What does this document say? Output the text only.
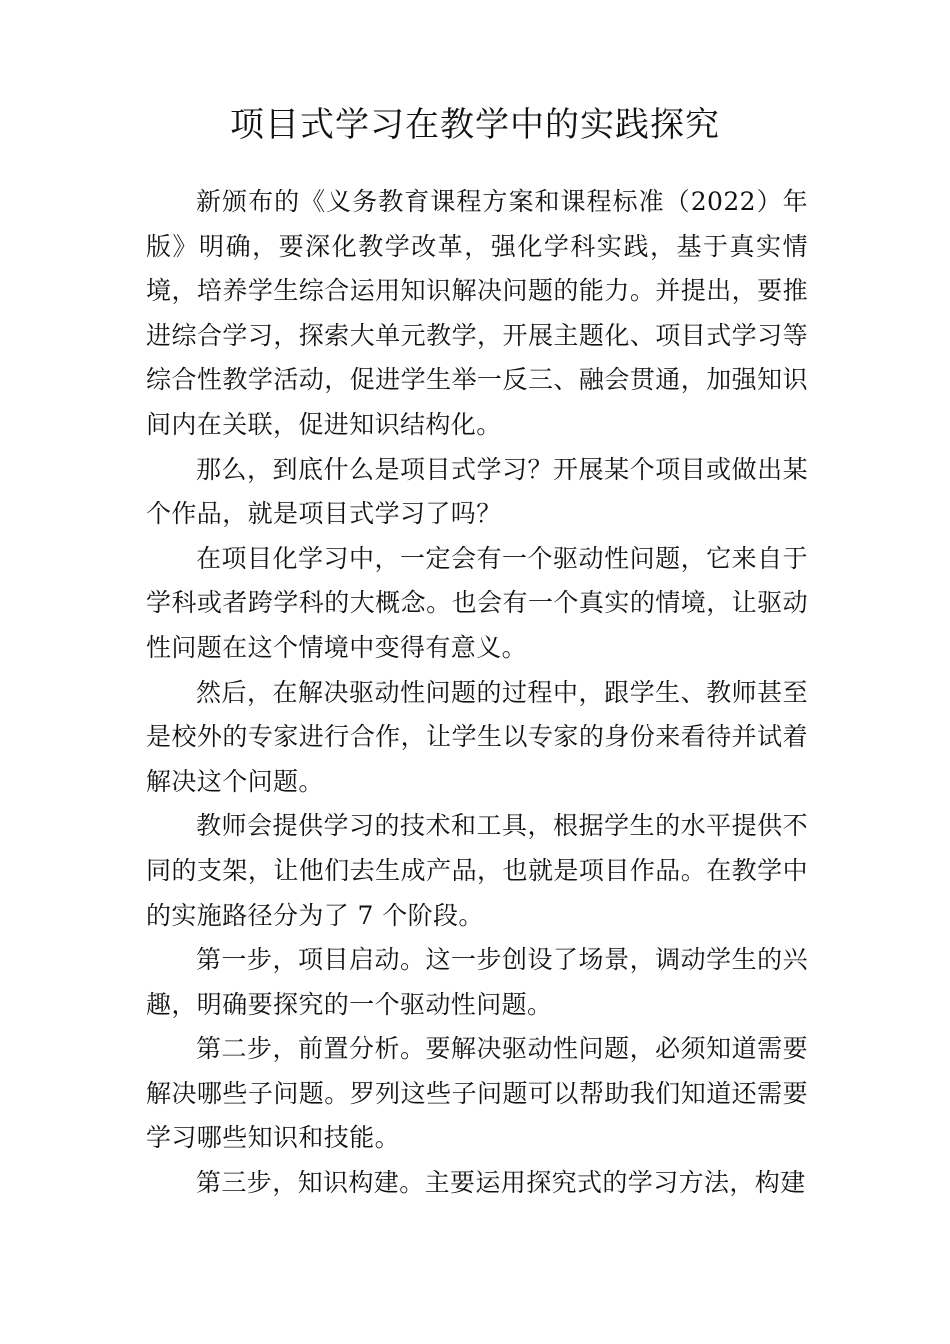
项目式学习在教学中的实践探究

新颁布的《义务教育课程方案和课程标准（2022）年版》明确，要深化教学改革，强化学科实践，基于真实情境，培养学生综合运用知识解决问题的能力。并提出，要推进综合学习，探索大单元教学，开展主题化、项目式学习等综合性教学活动，促进学生举一反三、融会贯通，加强知识间内在关联，促进知识结构化。

那么，到底什么是项目式学习？开展某个项目或做出某个作品，就是项目式学习了吗？

在项目化学习中，一定会有一个驱动性问题，它来自于学科或者跨学科的大概念。也会有一个真实的情境，让驱动性问题在这个情境中变得有意义。

然后，在解决驱动性问题的过程中，跟学生、教师甚至是校外的专家进行合作，让学生以专家的身份来看待并试着解决这个问题。

教师会提供学习的技术和工具，根据学生的水平提供不同的支架，让他们去生成产品，也就是项目作品。在教学中的实施路径分为了 7 个阶段。

第一步，项目启动。这一步创设了场景，调动学生的兴趣，明确要探究的一个驱动性问题。

第二步，前置分析。要解决驱动性问题，必须知道需要解决哪些子问题。罗列这些子问题可以帮助我们知道还需要学习哪些知识和技能。

第三步，知识构建。主要运用探究式的学习方法，构建
